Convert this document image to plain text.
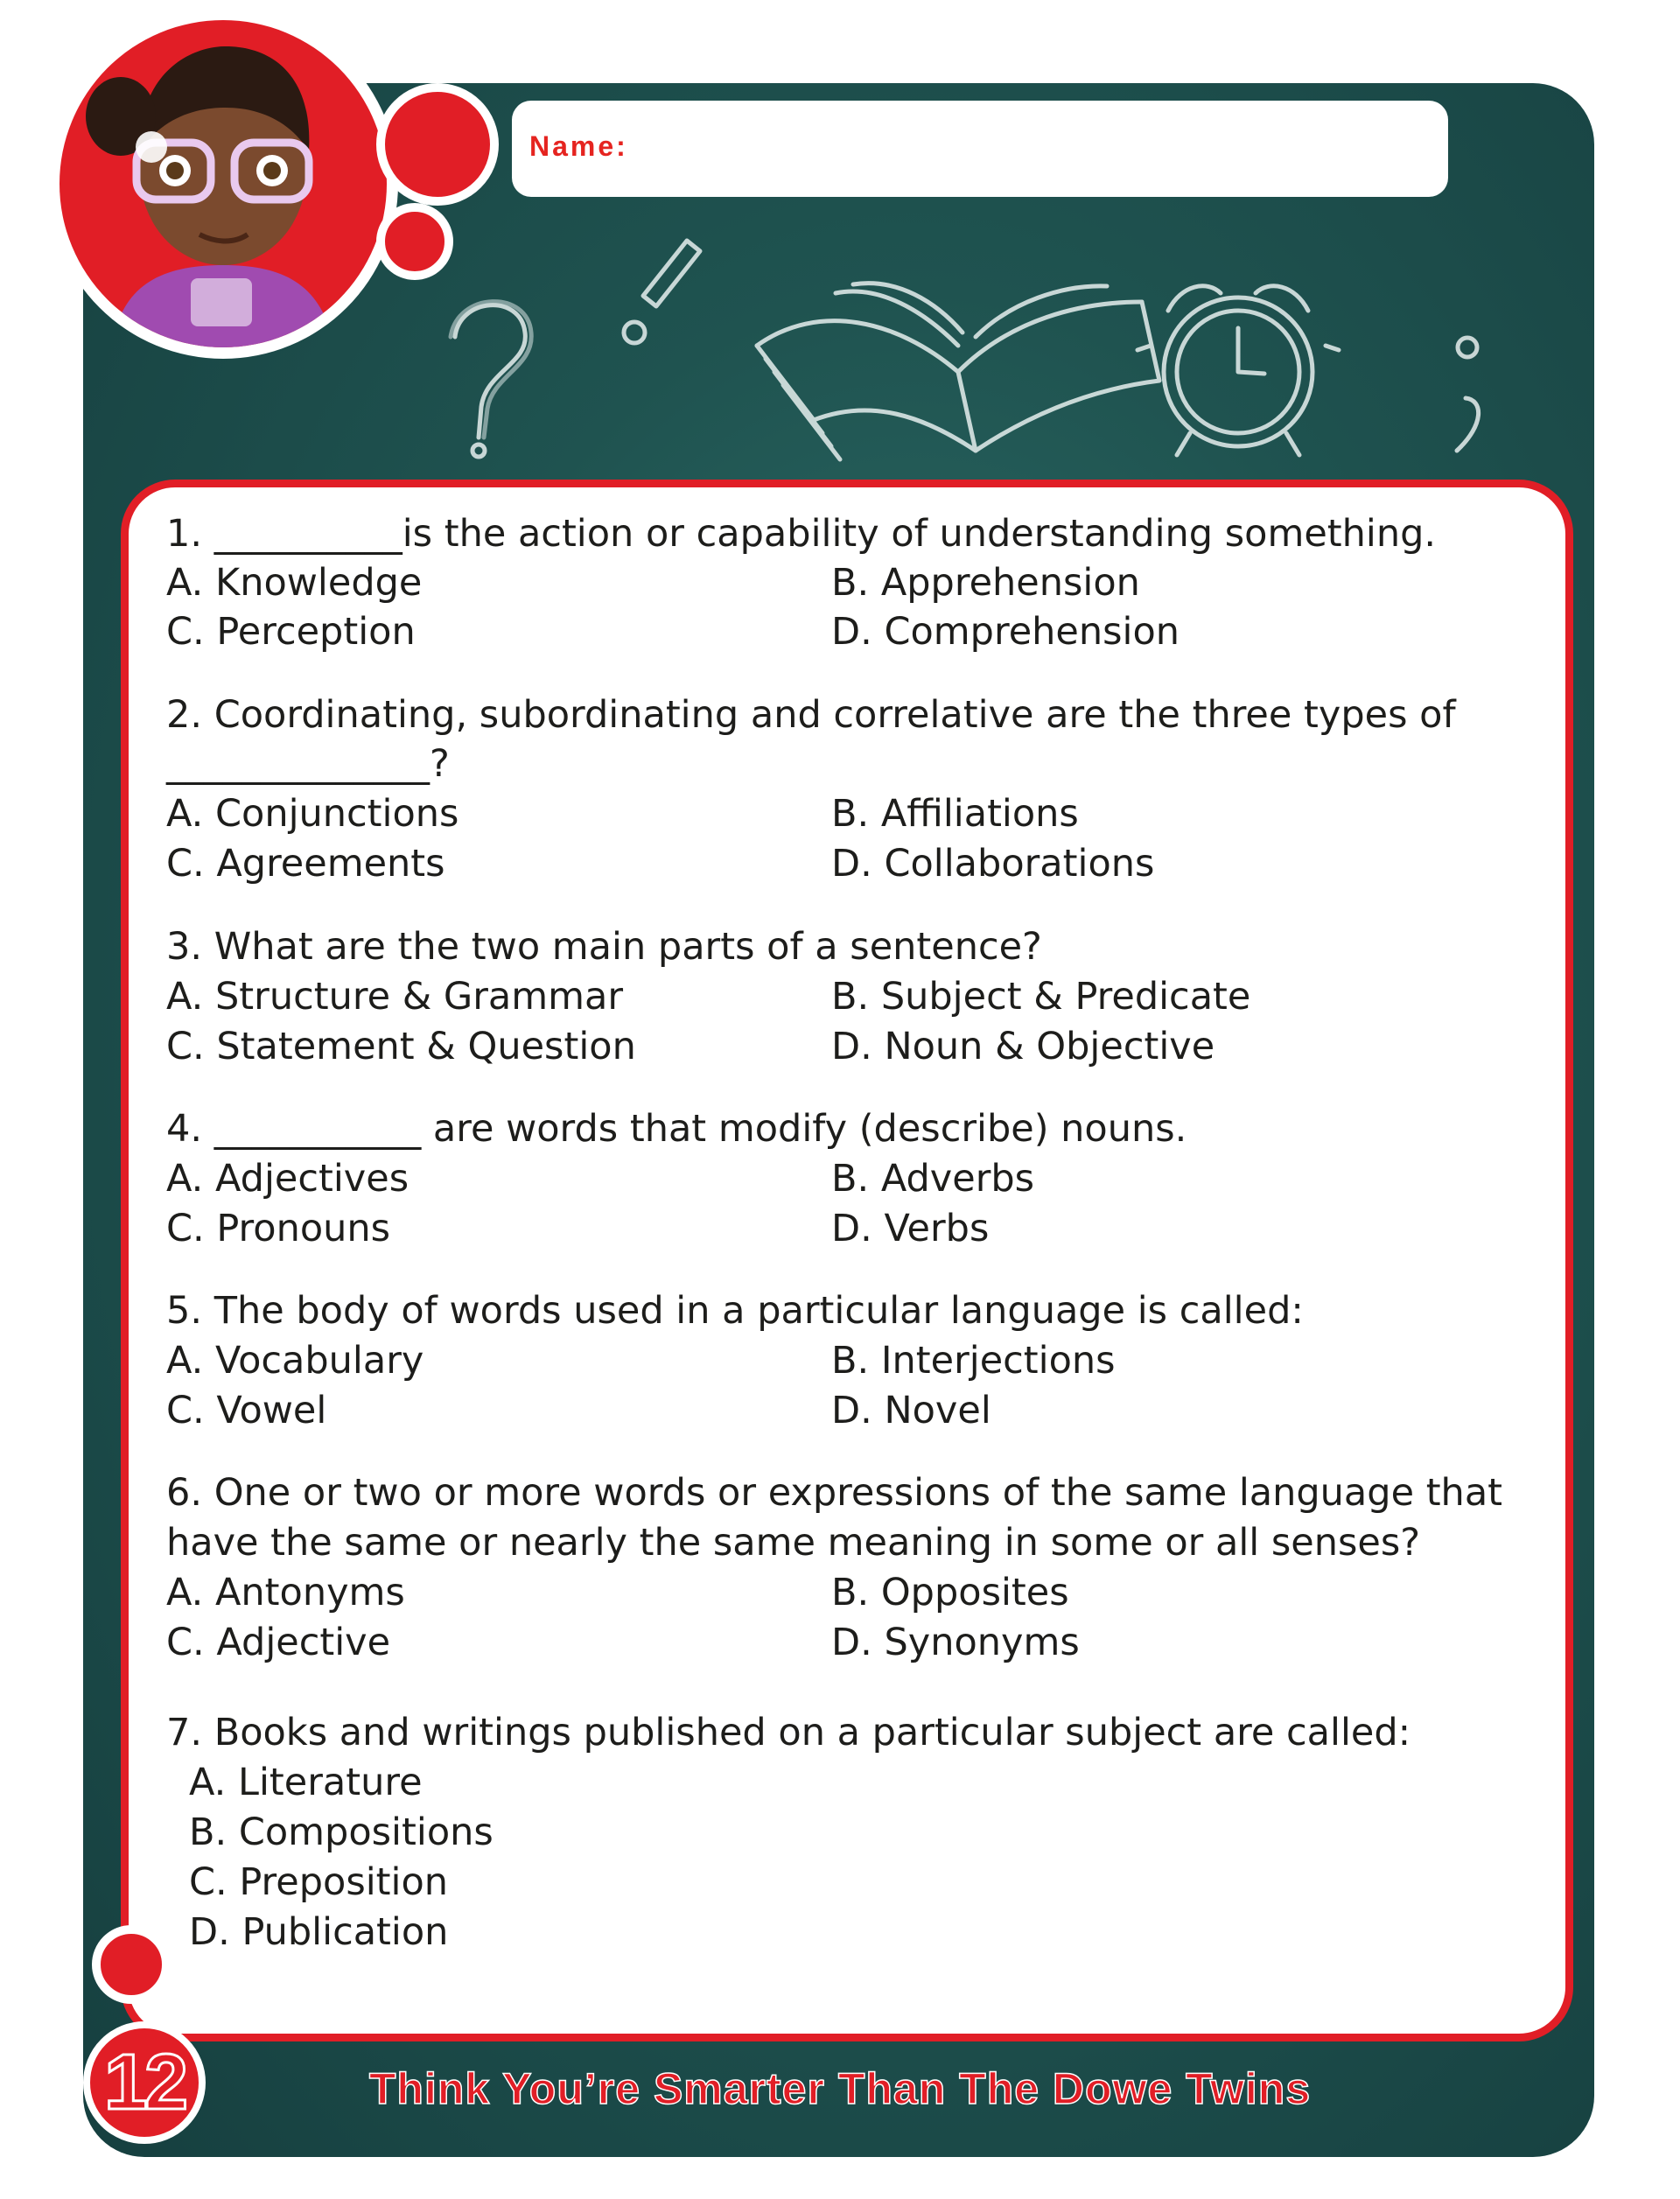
Name:
1. __________is the action or capability of understanding something.
A. Knowledge	B. Apprehension
C. Perception	D. Comprehension
2. Coordinating, subordinating and correlative are the three types of
______________?
A. Conjunctions	B. Affiliations
C. Agreements	D. Collaborations
3. What are the two main parts of a sentence?
A. Structure & Grammar	B. Subject & Predicate
C. Statement & Question	D. Noun & Objective
4. ___________ are words that modify (describe) nouns.
A. Adjectives	B. Adverbs
C. Pronouns	D. Verbs
5. The body of words used in a particular language is called:
A. Vocabulary	B. Interjections
C. Vowel	D. Novel
6. One or two or more words or expressions of the same language that
have the same or nearly the same meaning in some or all senses?
A. Antonyms	B. Opposites
C. Adjective	D. Synonyms
7. Books and writings published on a particular subject are called:
A. Literature
B. Compositions
C. Preposition
D. Publication
12	Think You’re Smarter Than The Dowe Twins
